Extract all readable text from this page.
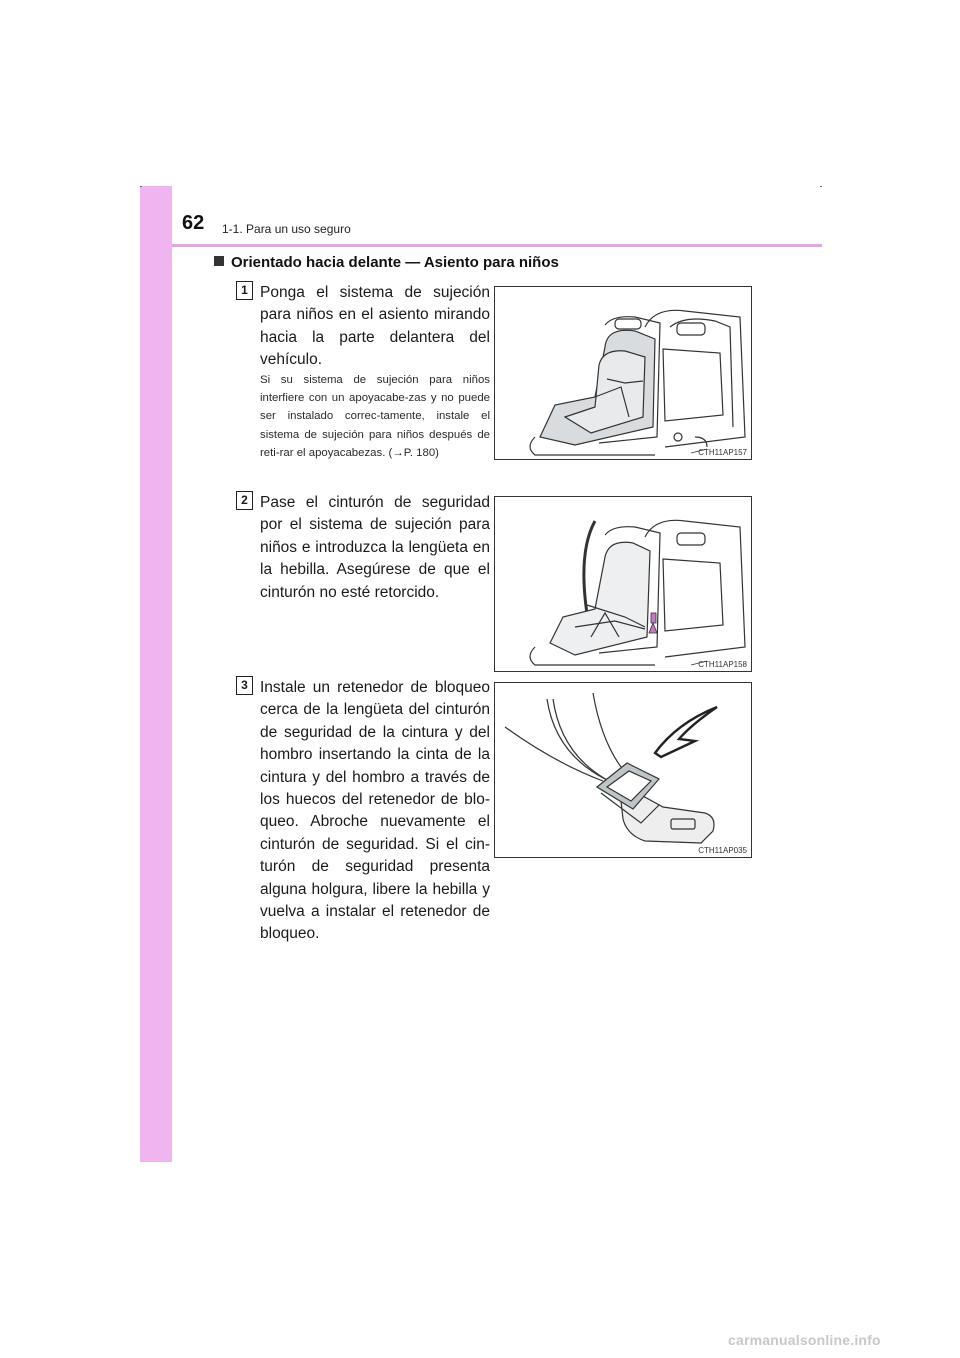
62 1-1. Para un uso seguro
Orientado hacia delante — Asiento para niños
1 Ponga el sistema de sujeción para niños en el asiento mirando hacia la parte delantera del vehículo.
Si su sistema de sujeción para niños interfiere con un apoyacabe-zas y no puede ser instalado correc-tamente, instale el sistema de sujeción para niños después de reti-rar el apoyacabezas. (→P. 180)	CTH11AP157
2 Pase el cinturón de seguridad por el sistema de sujeción para niños e introduzca la lengüeta en la hebilla. Asegúrese de que el cinturón no esté retorcido.
CTH11AP158
3 Instale un retenedor de bloqueo cerca de la lengüeta del cinturón de seguridad de la cintura y del hombro insertando la cinta de la cintura y del hombro a través de los huecos del retenedor de blo-queo. Abroche nuevamente el cinturón de seguridad. Si el cin-turón de seguridad presenta alguna holgura, libere la hebilla y vuelva a instalar el retenedor de bloqueo.
CTH11AP035
carmanualsonline.info
